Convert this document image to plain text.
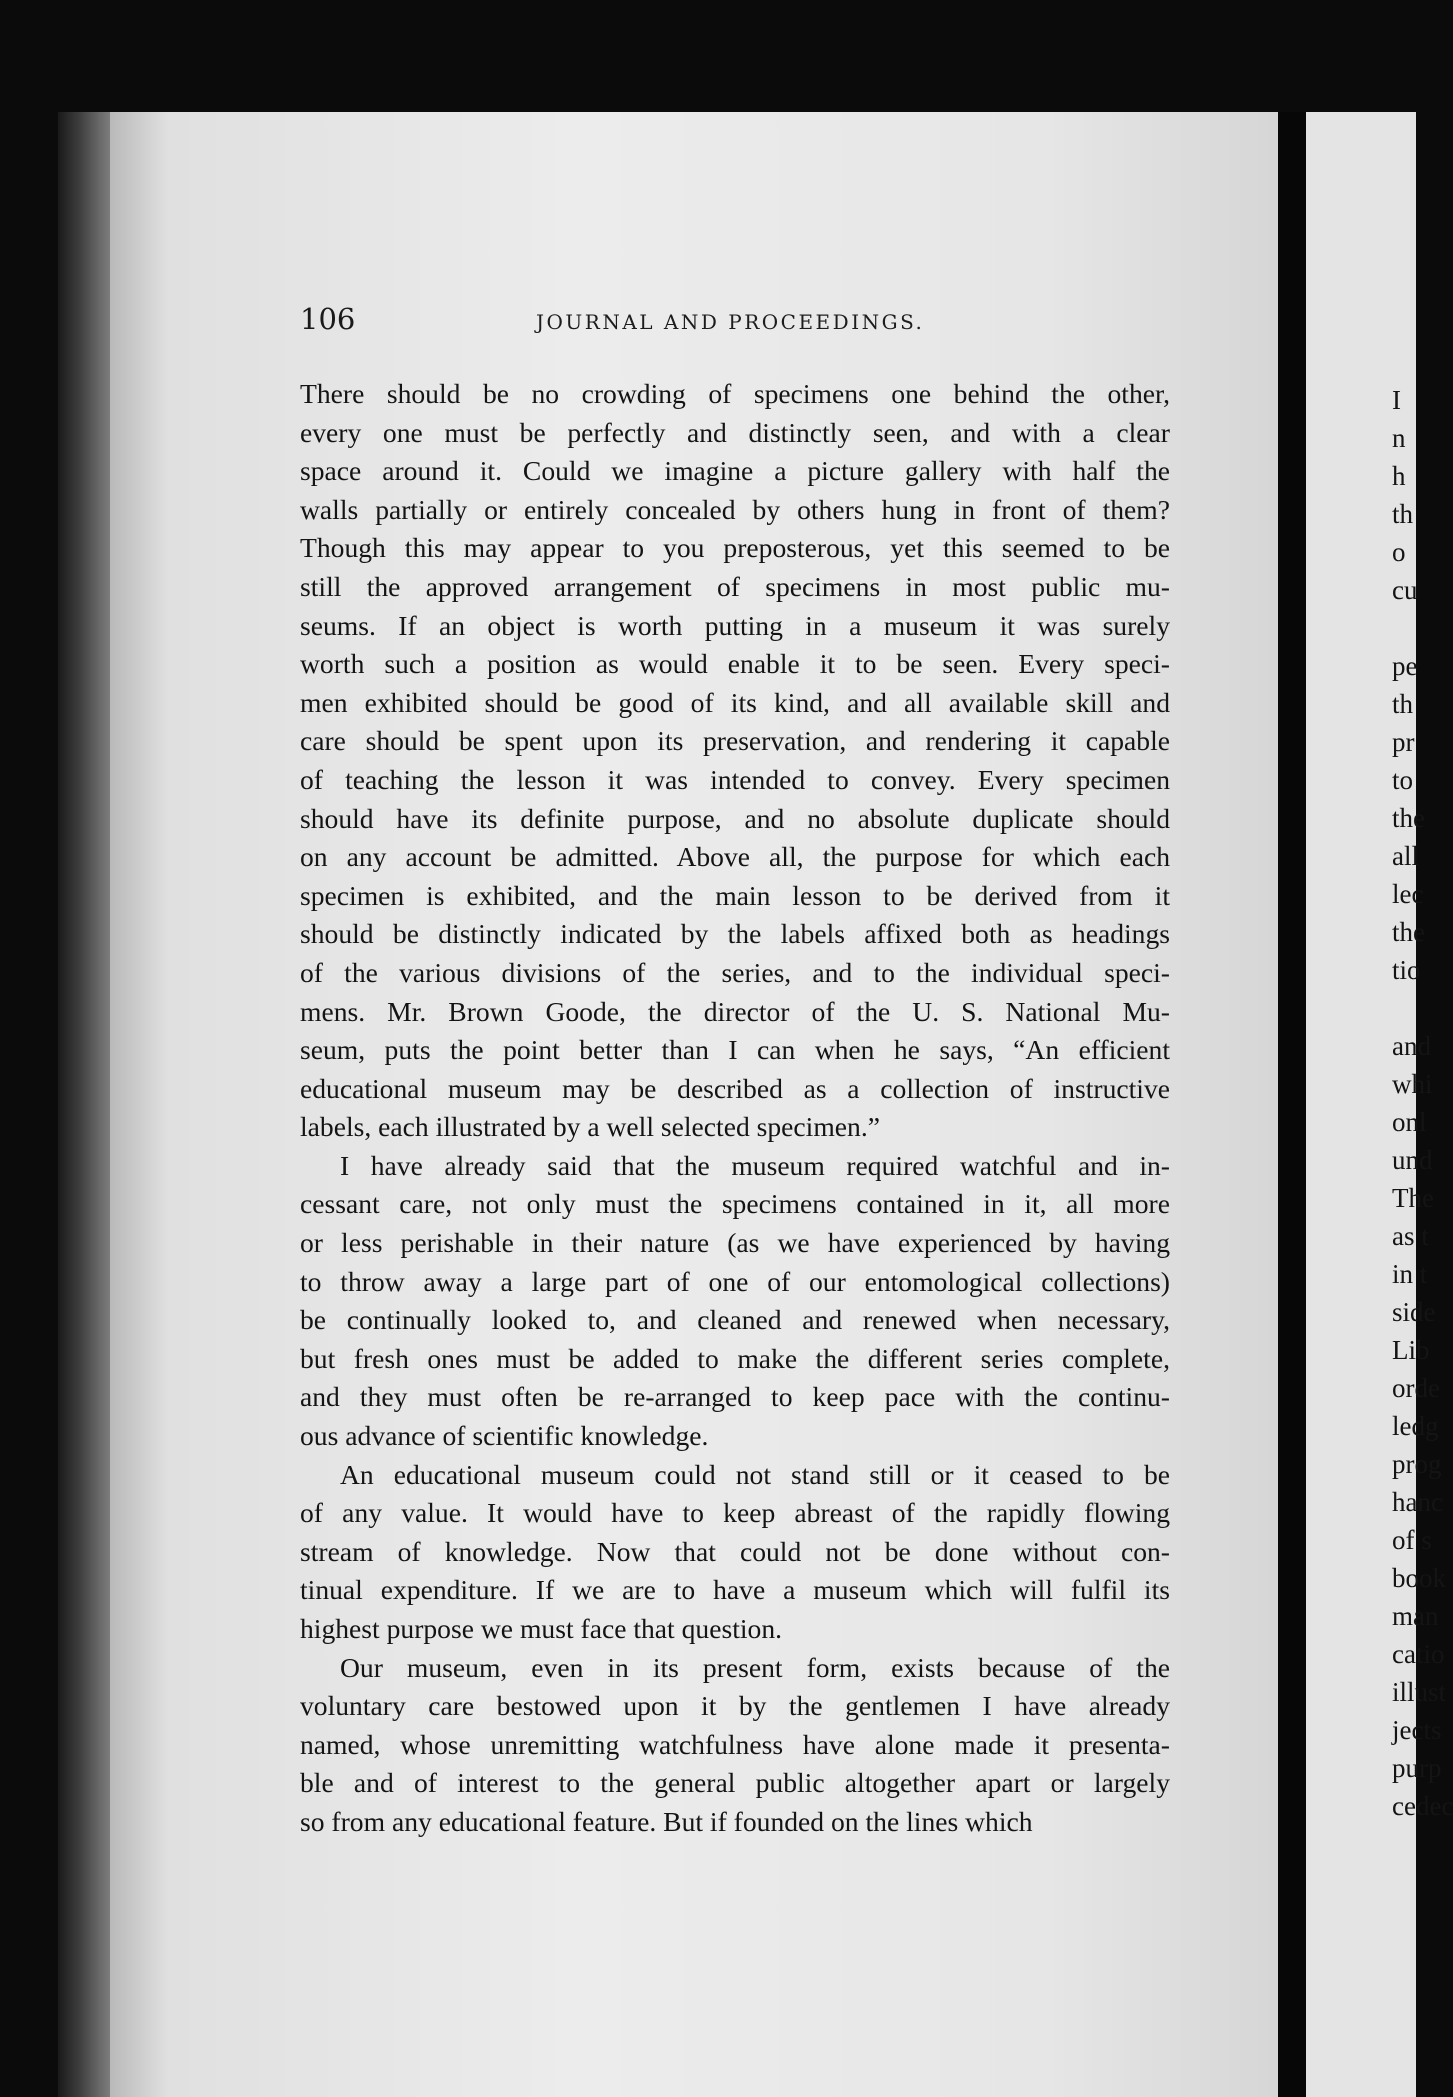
106	JOURNAL AND PROCEEDINGS.
There should be no crowding of specimens one behind the other,
every one must be perfectly and distinctly seen, and with a clear
space around it. Could we imagine a picture gallery with half the
walls partially or entirely concealed by others hung in front of them?
Though this may appear to you preposterous, yet this seemed to be
still the approved arrangement of specimens in most public mu-
seums. If an object is worth putting in a museum it was surely
worth such a position as would enable it to be seen. Every speci-
men exhibited should be good of its kind, and all available skill and
care should be spent upon its preservation, and rendering it capable
of teaching the lesson it was intended to convey. Every specimen
should have its definite purpose, and no absolute duplicate should
on any account be admitted. Above all, the purpose for which each
specimen is exhibited, and the main lesson to be derived from it
should be distinctly indicated by the labels affixed both as headings
of the various divisions of the series, and to the individual speci-
mens. Mr. Brown Goode, the director of the U. S. National Mu-
seum, puts the point better than I can when he says, “An efficient
educational museum may be described as a collection of instructive
labels, each illustrated by a well selected specimen.”
I have already said that the museum required watchful and in-
cessant care, not only must the specimens contained in it, all more
or less perishable in their nature (as we have experienced by having
to throw away a large part of one of our entomological collections)
be continually looked to, and cleaned and renewed when necessary,
but fresh ones must be added to make the different series complete,
and they must often be re-arranged to keep pace with the continu-
ous advance of scientific knowledge.
An educational museum could not stand still or it ceased to be
of any value. It would have to keep abreast of the rapidly flowing
stream of knowledge. Now that could not be done without con-
tinual expenditure. If we are to have a museum which will fulfil its
highest purpose we must face that question.
Our museum, even in its present form, exists because of the
voluntary care bestowed upon it by the gentlemen I have already
named, whose unremitting watchfulness have alone made it presenta-
ble and of interest to the general public altogether apart or largely
so from any educational feature. But if founded on the lines which
I
n
h
th
o
cu
pe
th
pr
to
the
all
lec
the
tio
and
whi
onl
und
The
as t
in t
side
Lib
orde
ledg
prog
hanc
of s
book
man
catio
illust
jects
purp
cedec
